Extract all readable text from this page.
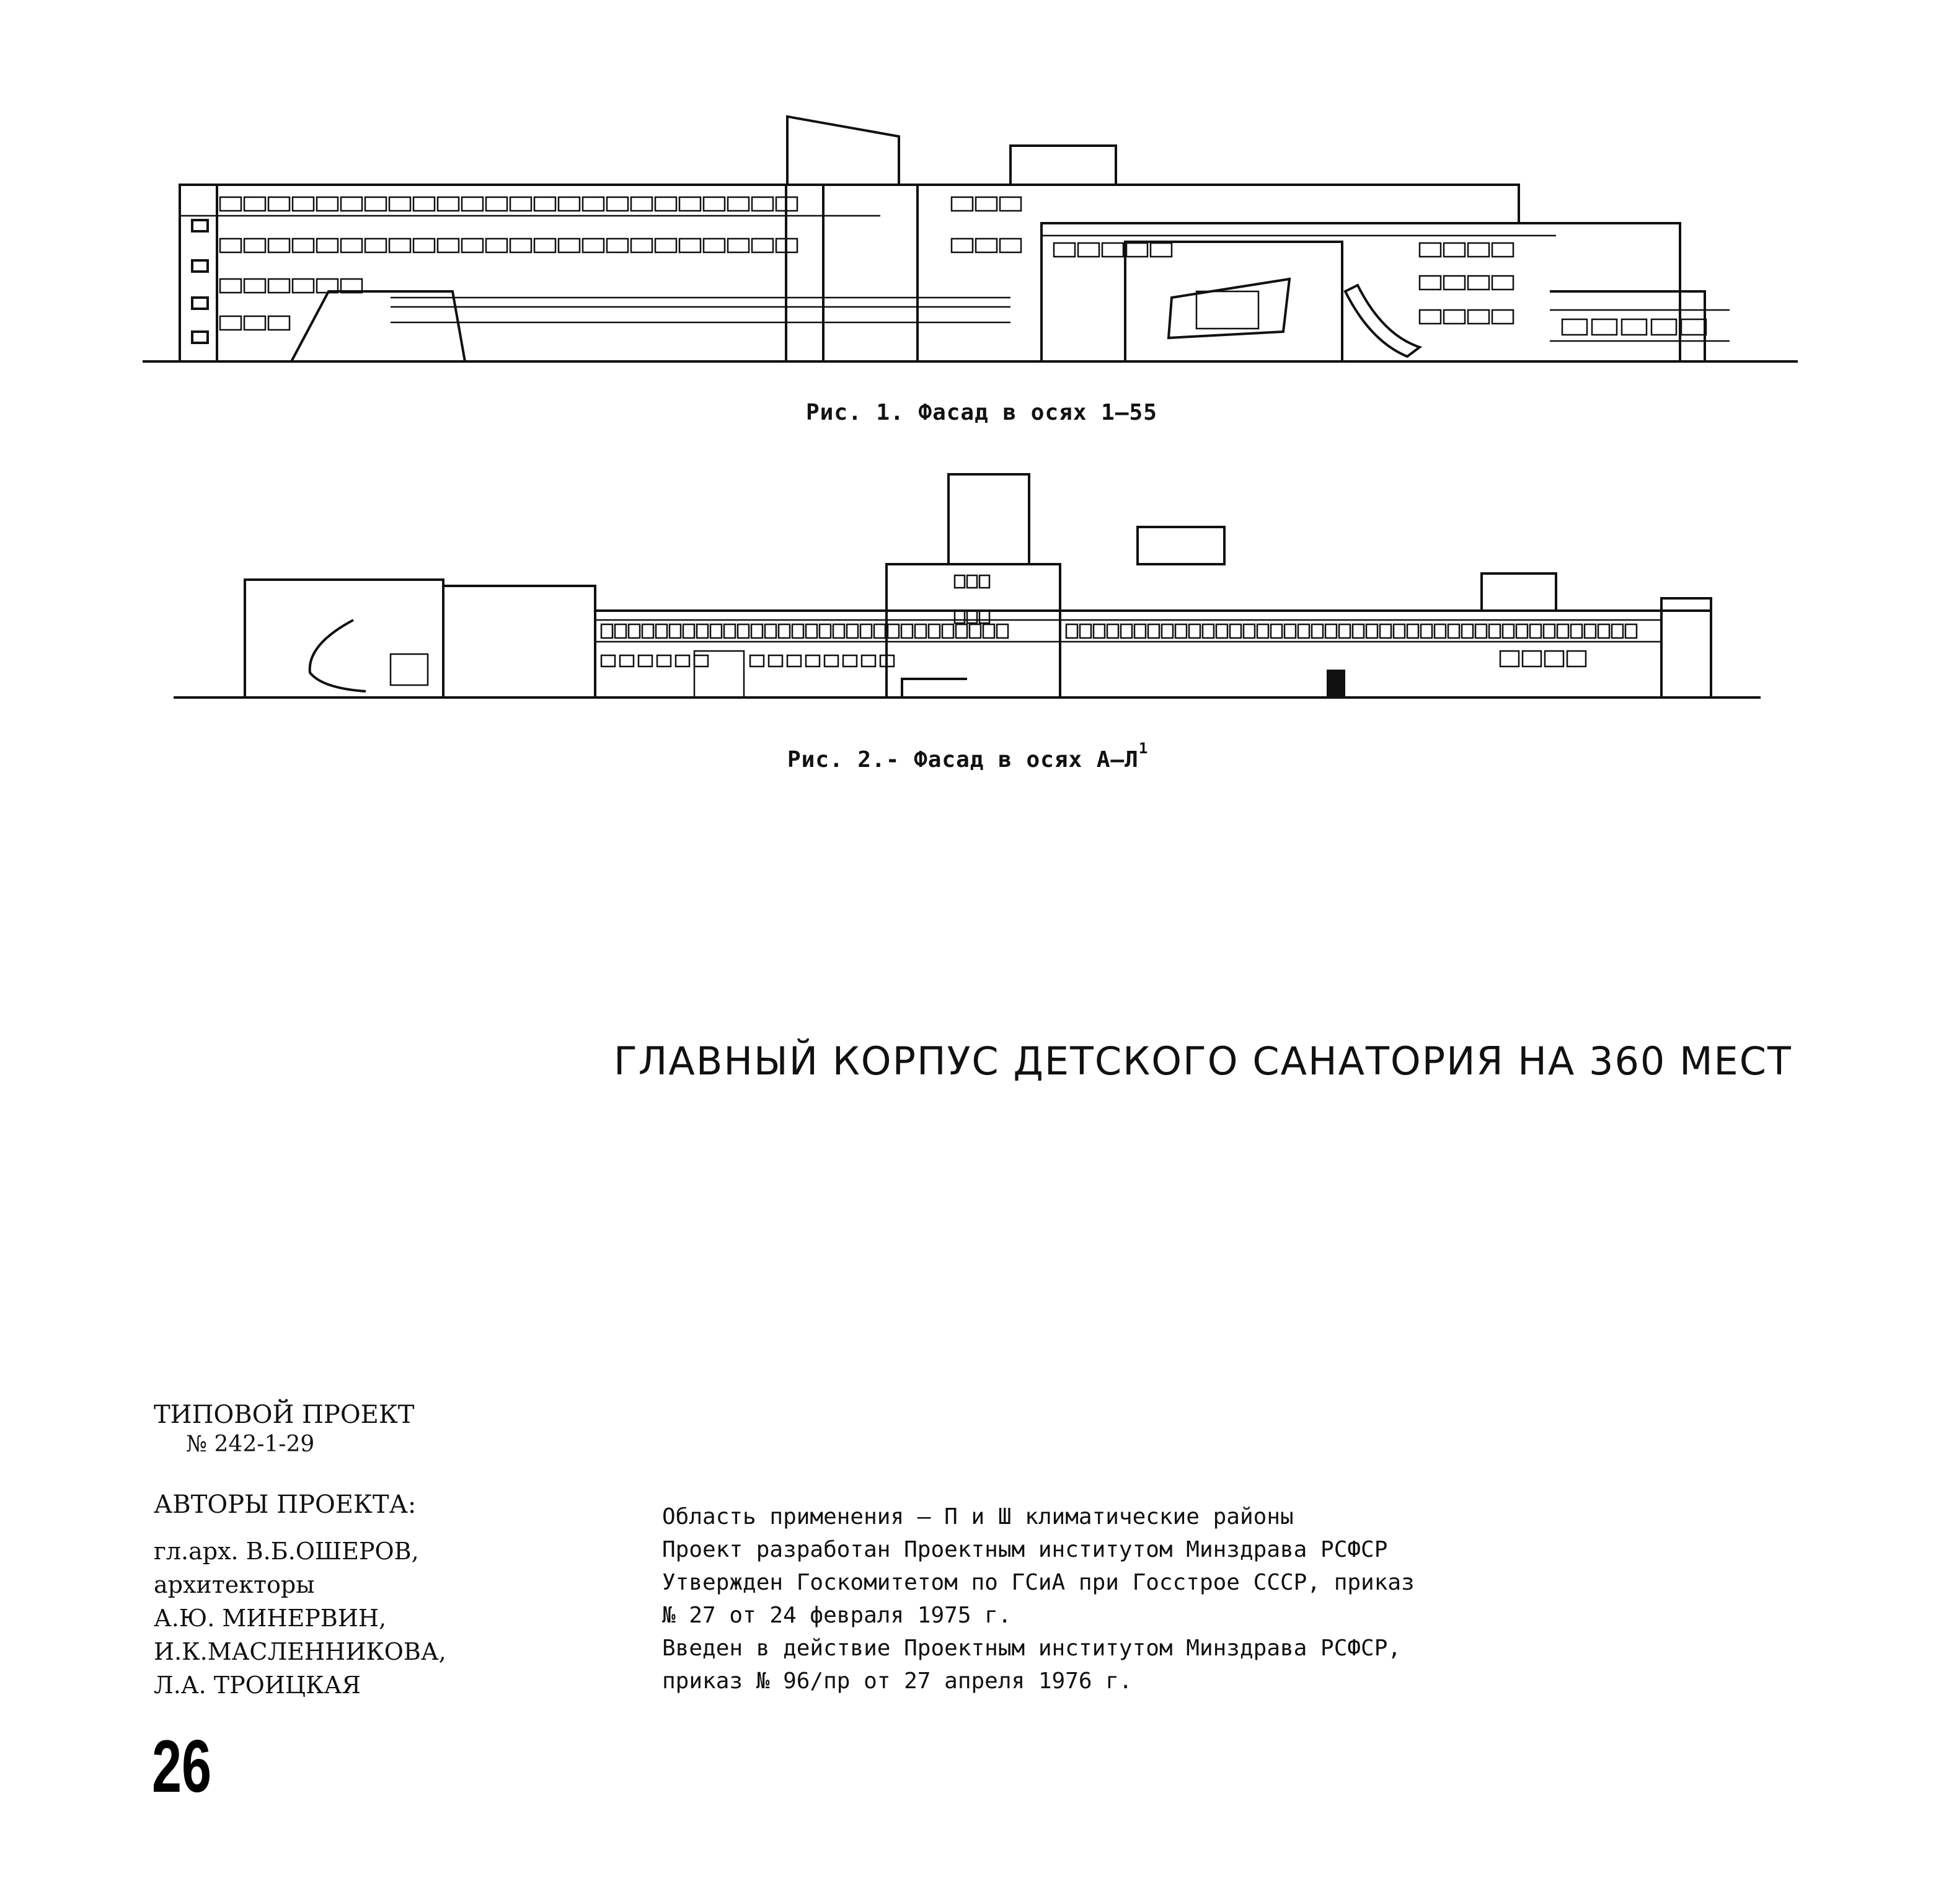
Рис. 1. Фасад в осях 1–55
Рис. 2.- Фасад в осях $А-Л^1$
ГЛАВНЫЙ КОРПУС ДЕТСКОГО САНАТОРИЯ НА 360 МЕСТ
ТИПОВОЙ ПРОЕКТ
№ 242-1-29
АВТОРЫ ПРОЕКТА:
гл.арх. В.Б.ОШЕРОВ,
архитекторы
А.Ю. МИНЕРВИН,
И.К.МАСЛЕННИКОВА,
Л.А. ТРОИЦКАЯ
Область применения – П и Ш климатические районы
Проект разработан Проектным институтом Минздрава РСФСР
Утвержден Госкомитетом по ГСиА при Госстрое СССР, приказ
№ 27 от 24 февраля 1975 г.
Введен в действие Проектным институтом Минздрава РСФСР,
приказ № 96/пр от 27 апреля 1976 г.
26
